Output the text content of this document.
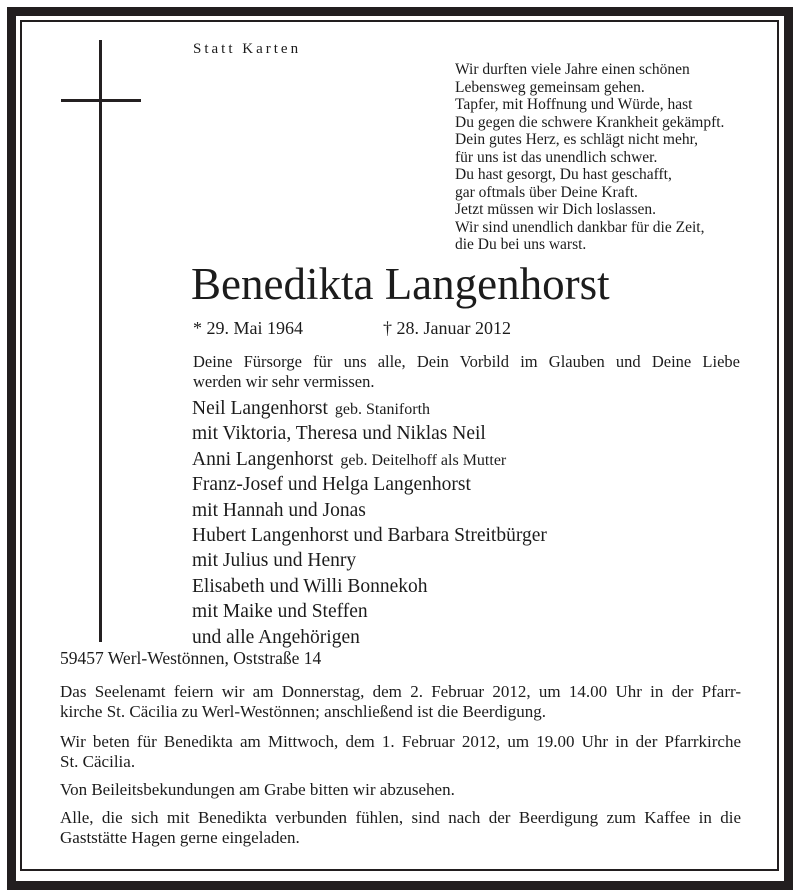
Statt Karten
Wir durften viele Jahre einen schönen
Lebensweg gemeinsam gehen.
Tapfer, mit Hoffnung und Würde, hast
Du gegen die schwere Krankheit gekämpft.
Dein gutes Herz, es schlägt nicht mehr,
für uns ist das unendlich schwer.
Du hast gesorgt, Du hast geschafft,
gar oftmals über Deine Kraft.
Jetzt müssen wir Dich loslassen.
Wir sind unendlich dankbar für die Zeit,
die Du bei uns warst.
Benedikta Langenhorst
* 29. Mai 1964	† 28. Januar 2012
Deine Fürsorge für uns alle, Dein Vorbild im Glauben und Deine Liebe
werden wir sehr vermissen.
Neil Langenhorst geb. Staniforth
mit Viktoria, Theresa und Niklas Neil
Anni Langenhorst geb. Deitelhoff als Mutter
Franz-Josef und Helga Langenhorst
mit Hannah und Jonas
Hubert Langenhorst und Barbara Streitbürger
mit Julius und Henry
Elisabeth und Willi Bonnekoh
mit Maike und Steffen
und alle Angehörigen
59457 Werl-Westönnen, Oststraße 14
Das Seelenamt feiern wir am Donnerstag, dem 2. Februar 2012, um 14.00 Uhr in der Pfarr-
kirche St. Cäcilia zu Werl-Westönnen; anschließend ist die Beerdigung.
Wir beten für Benedikta am Mittwoch, dem 1. Februar 2012, um 19.00 Uhr in der Pfarrkirche
St. Cäcilia.
Von Beileitsbekundungen am Grabe bitten wir abzusehen.
Alle, die sich mit Benedikta verbunden fühlen, sind nach der Beerdigung zum Kaffee in die
Gaststätte Hagen gerne eingeladen.
